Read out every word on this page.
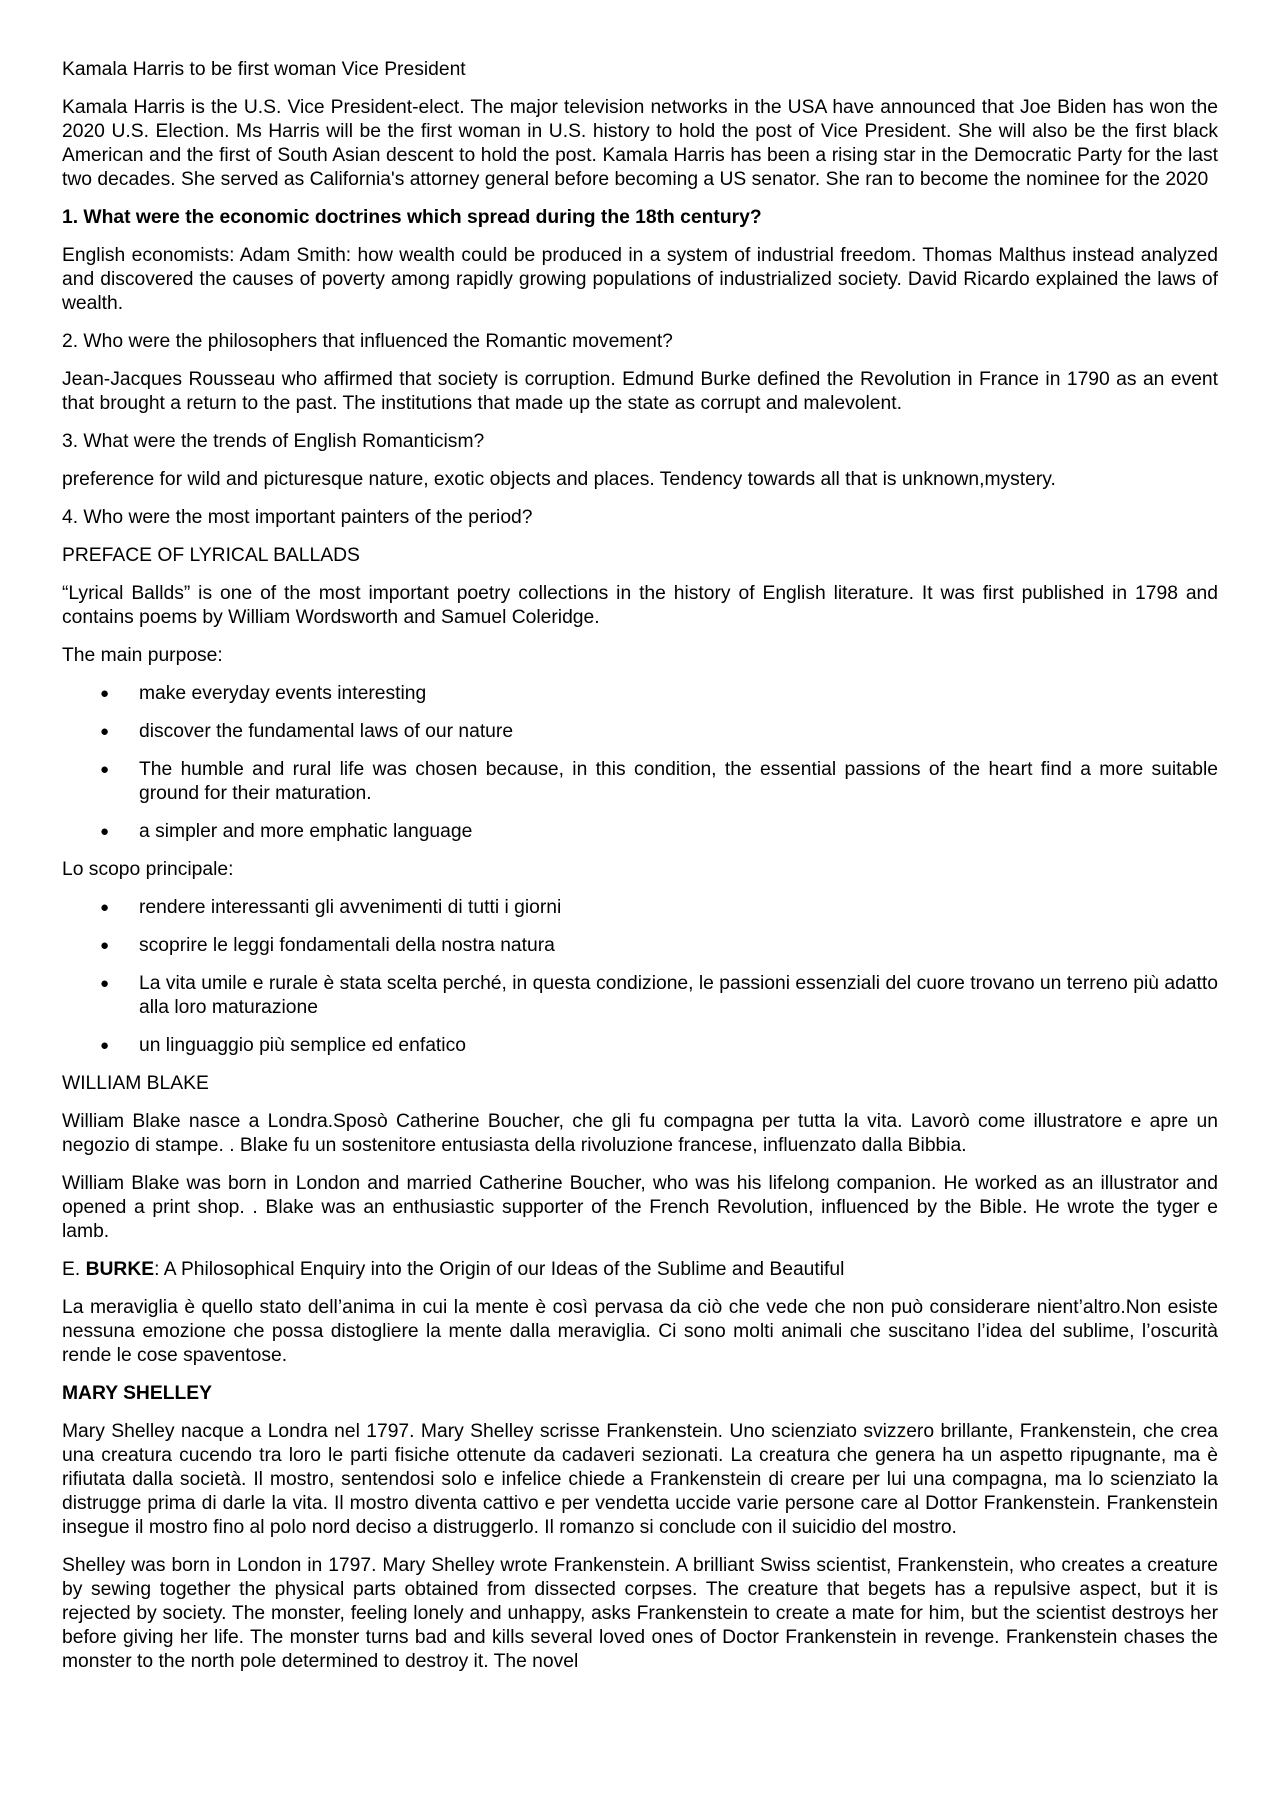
Kamala Harris to be first woman Vice President

Kamala Harris is the U.S. Vice President-elect. The major television networks in the USA have announced that Joe Biden has won the 2020 U.S. Election. Ms Harris will be the first woman in U.S. history to hold the post of Vice President. She will also be the first black American and the first of South Asian descent to hold the post. Kamala Harris has been a rising star in the Democratic Party for the last two decades. She served as California's attorney general before becoming a US senator. She ran to become the nominee for the 2020

1. What were the economic doctrines which spread during the 18th century?

English economists: Adam Smith: how wealth could be produced in a system of industrial freedom. Thomas Malthus instead analyzed and discovered the causes of poverty among rapidly growing populations of industrialized society. David Ricardo explained the laws of wealth.

2. Who were the philosophers that influenced the Romantic movement?

Jean-Jacques Rousseau who affirmed that society is corruption. Edmund Burke defined the Revolution in France in 1790 as an event that brought a return to the past. The institutions that made up the state as corrupt and malevolent.

3. What were the trends of English Romanticism?

preference for wild and picturesque nature, exotic objects and places. Tendency towards all that is unknown,mystery.

4. Who were the most important painters of the period?

PREFACE OF LYRICAL BALLADS

“Lyrical Ballds” is one of the most important poetry collections in the history of English literature. It was first published in 1798 and contains poems by William Wordsworth and Samuel Coleridge.

The main purpose:

● make everyday events interesting
● discover the fundamental laws of our nature
● The humble and rural life was chosen because, in this condition, the essential passions of the heart find a more suitable ground for their maturation.
● a simpler and more emphatic language

Lo scopo principale:

● rendere interessanti gli avvenimenti di tutti i giorni
● scoprire le leggi fondamentali della nostra natura
● La vita umile e rurale è stata scelta perché, in questa condizione, le passioni essenziali del cuore trovano un terreno più adatto alla loro maturazione
● un linguaggio più semplice ed enfatico

WILLIAM BLAKE

William Blake nasce a Londra.Sposò Catherine Boucher, che gli fu compagna per tutta la vita. Lavorò come illustratore e apre un negozio di stampe. . Blake fu un sostenitore entusiasta della rivoluzione francese, influenzato dalla Bibbia.

William Blake was born in London and married Catherine Boucher, who was his lifelong companion. He worked as an illustrator and opened a print shop. . Blake was an enthusiastic supporter of the French Revolution, influenced by the Bible. He wrote the tyger e lamb.

E. BURKE: A Philosophical Enquiry into the Origin of our Ideas of the Sublime and Beautiful

La meraviglia è quello stato dell’anima in cui la mente è così pervasa da ciò che vede che non può considerare nient’altro.Non esiste nessuna emozione che possa distogliere la mente dalla meraviglia. Ci sono molti animali che suscitano l’idea del sublime, l’oscurità rende le cose spaventose.

MARY SHELLEY

Mary Shelley nacque a Londra nel 1797. Mary Shelley scrisse Frankenstein. Uno scienziato svizzero brillante, Frankenstein, che crea una creatura cucendo tra loro le parti fisiche ottenute da cadaveri sezionati. La creatura che genera ha un aspetto ripugnante, ma è rifiutata dalla società. Il mostro, sentendosi solo e infelice chiede a Frankenstein di creare per lui una compagna, ma lo scienziato la distrugge prima di darle la vita. Il mostro diventa cattivo e per vendetta uccide varie persone care al Dottor Frankenstein. Frankenstein insegue il mostro fino al polo nord deciso a distruggerlo. Il romanzo si conclude con il suicidio del mostro.

Shelley was born in London in 1797. Mary Shelley wrote Frankenstein. A brilliant Swiss scientist, Frankenstein, who creates a creature by sewing together the physical parts obtained from dissected corpses. The creature that begets has a repulsive aspect, but it is rejected by society. The monster, feeling lonely and unhappy, asks Frankenstein to create a mate for him, but the scientist destroys her before giving her life. The monster turns bad and kills several loved ones of Doctor Frankenstein in revenge. Frankenstein chases the monster to the north pole determined to destroy it. The novel
